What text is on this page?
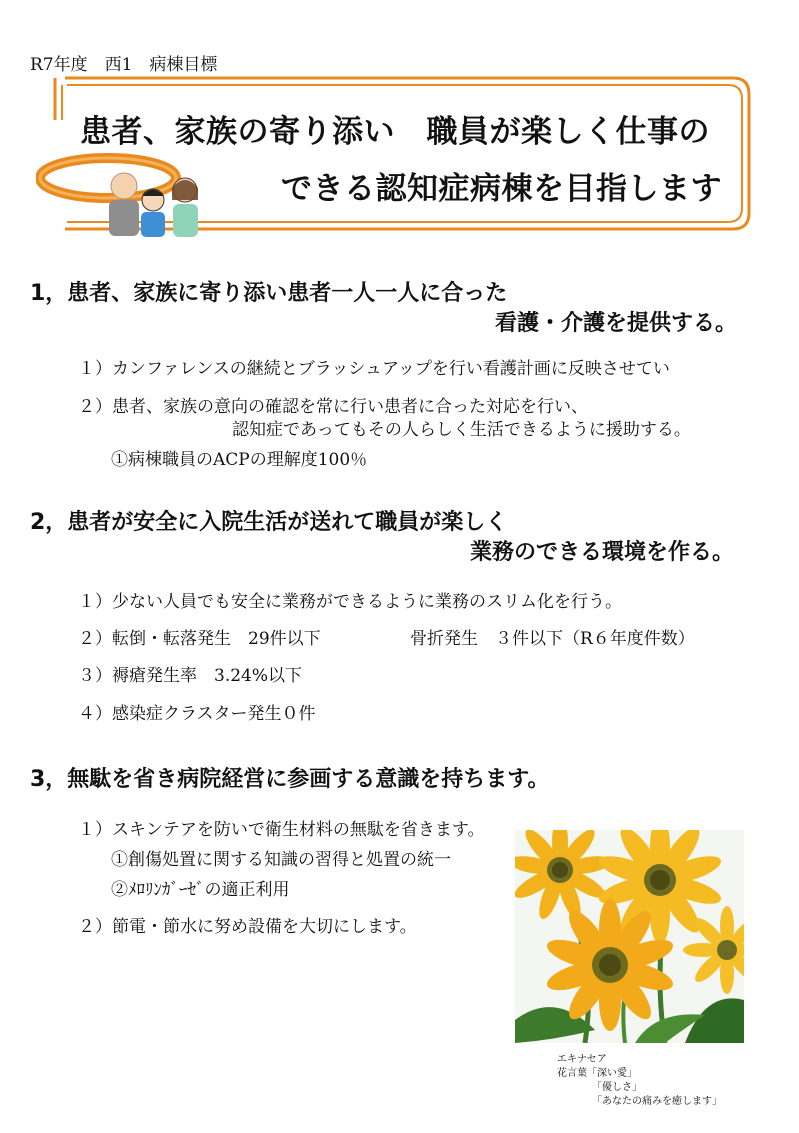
R7年度　西1　病棟目標
患者、家族の寄り添い　職員が楽しく仕事の
できる認知症病棟を目指します
1，患者、家族に寄り添い患者一人一人に合った
看護・介護を提供する。
１）カンファレンスの継続とブラッシュアップを行い看護計画に反映させてい
２）患者、家族の意向の確認を常に行い患者に合った対応を行い、
認知症であってもその人らしく生活できるように援助する。
①病棟職員のACPの理解度100％
2，患者が安全に入院生活が送れて職員が楽しく
業務のできる環境を作る。
１）少ない人員でも安全に業務ができるように業務のスリム化を行う。
２）転倒・転落発生　29件以下	骨折発生　３件以下（R６年度件数）
３）褥瘡発生率　3.24%以下
４）感染症クラスター発生０件
3，無駄を省き病院経営に参画する意識を持ちます。
１）スキンテアを防いで衛生材料の無駄を省きます。
①創傷処置に関する知識の習得と処置の統一
②ﾒﾛﾘﾝｶﾞｰｾﾞの適正利用
２）節電・節水に努め設備を大切にします。
エキナセア
花言葉「深い愛」
「優しさ」
「あなたの痛みを癒します」
